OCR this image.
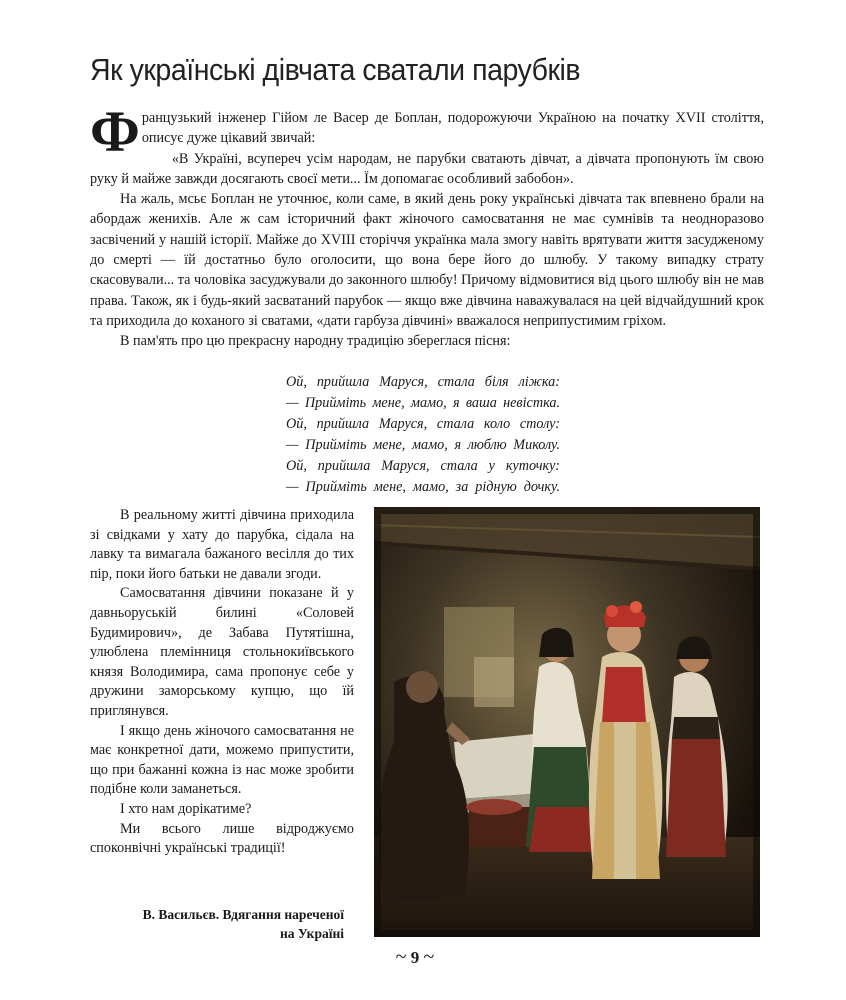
Як українські дівчата сватали парубків

Французький інженер Гійом ле Васер де Боплан, подорожуючи Україною на початку XVII століття, описує дуже цікавий звичай:

«В Україні, всупереч усім народам, не парубки сватають дівчат, а дівчата пропонують їм свою руку й майже завжди досягають своєї мети... Їм допомагає особливий забобон».

На жаль, мсьє Боплан не уточнює, коли саме, в який день року українські дівчата так впевнено брали на абордаж женихів. Але ж сам історичний факт жіночого самосватання не має сумнівів та неодноразово засвічений у нашій історії. Майже до XVIII сторіччя українка мала змогу навіть врятувати життя засудженому до смерті — їй достатньо було оголосити, що вона бере його до шлюбу. У такому випадку страту скасовували... та чоловіка засуджували до законного шлюбу! Причому відмовитися від цього шлюбу він не мав права. Також, як і будь-який засватаний парубок — якщо вже дівчина наважувалася на цей відчайдушний крок та приходила до коханого зі сватами, «дати гарбуза дівчині» вважалося неприпустимим гріхом.

В пам'ять про цю прекрасну народну традицію збереглася пісня:

Ой, прийшла Маруся, стала біля ліжка:
— Прийміть мене, мамо, я ваша невістка.
Ой, прийшла Маруся, стала коло столу:
— Прийміть мене, мамо, я люблю Миколу.
Ой, прийшла Маруся, стала у куточку:
— Прийміть мене, мамо, за рідную дочку.

В реальному житті дівчина приходила зі свідками у хату до парубка, сідала на лавку та вимагала бажаного весілля до тих пір, поки його батьки не давали згоди.

Самосватання дівчини показане й у давньоруській билині «Соловей Будимирович», де Забава Путятішна, улюблена племінниця стольнокиївського князя Володимира, сама пропонує себе у дружини заморському купцю, що їй приглянувся.

І якщо день жіночого самосватання не має конкретної дати, можемо припустити, що при бажанні кожна із нас може зробити подібне коли заманеться.

І хто нам дорікатиме?

Ми всього лише відроджуємо споконвічні українські традиції!

В. Васильєв. Вдягання нареченої
на Україні
~ 9 ~
